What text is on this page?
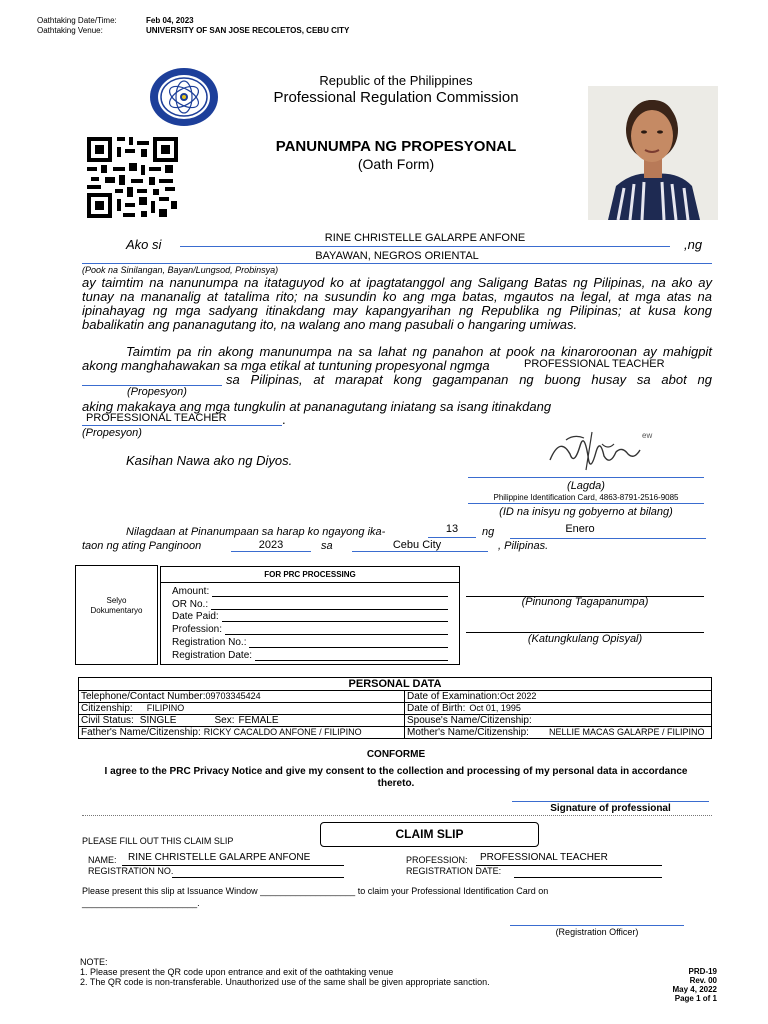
Oathtaking Date/Time:	Feb 04, 2023
Oathtaking Venue:	UNIVERSITY OF SAN JOSE RECOLETOS, CEBU CITY
Republic of the Philippines
Professional Regulation Commission
PANUNUMPA NG PROPESYONAL
(Oath Form)
Ako si	RINE CHRISTELLE GALARPE ANFONE	,ng
BAYAWAN, NEGROS ORIENTAL
(Pook na Sinilangan, Bayan/Lungsod, Probinsya)
ay taimtim na nanunumpa na itataguyod ko at ipagtatanggol ang Saligang Batas ng Pilipinas, na ako ay tunay na mananalig at tatalima rito; na susundin ko ang mga batas, mgautos na legal, at mga atas na ipinahayag ng mga sadyang itinakdang may kapangyarihan ng Republika ng Pilipinas; at kusa kong babalikatin ang pananagutang ito, na walang ano mang pasubali o hangaring umiwas.
Taimtim pa rin akong manunumpa na sa lahat ng panahon at pook na kinaroroonan ay mahigpit
akong manghahawakan sa mga etikal at tuntuning propesyonal ngmga	PROFESSIONAL TEACHER
sa Pilipinas, at marapat kong gagampanan ng buong husay sa abot ng
(Propesyon)
aking makakaya ang mga tungkulin at pananagutang iniatang sa isang itinakdang
PROFESSIONAL TEACHER	.
(Propesyon)
Kasihan Nawa ako ng Diyos.
ew
(Lagda)
Philippine Identification Card, 4863-8791-2516-9085
(ID na inisyu ng gobyerno at bilang)
Nilagdaan at Pinanumpaan sa harap ko ngayong ika-	13	ng	Enero
taon ng ating Panginoon	2023	sa	Cebu City	, Pilipinas.
Selyo Dokumentaryo
FOR PRC PROCESSING
Amount:
OR No.:
Date Paid:
Profession:
Registration No.:
Registration Date:
(Pinunong Tagapanumpa)
(Katungkulang Opisyal)
PERSONAL DATA	
Telephone/Contact Number:09703345424	Date of Examination:Oct 2022
Citizenship: FILIPINO	Date of Birth: Oct 01, 1995
Civil Status: SINGLE Sex: FEMALE	Spouse's Name/Citizenship:
Father's Name/Citizenship: RICKY CACALDO ANFONE / FILIPINO	Mother's Name/Citizenship: NELLIE MACAS GALARPE / FILIPINO
CONFORME
I agree to the PRC Privacy Notice and give my consent to the collection and processing of my personal data in accordance thereto.
Signature of professional
PLEASE FILL OUT THIS CLAIM SLIP	CLAIM SLIP
NAME: RINE CHRISTELLE GALARPE ANFONE
REGISTRATION NO.
PROFESSION: PROFESSIONAL TEACHER
REGISTRATION DATE:
Please present this slip at Issuance Window ___________________ to claim your Professional Identification Card on
_______________________.
(Registration Officer)
NOTE:
1. Please present the QR code upon entrance and exit of the oathtaking venue
2. The QR code is non-transferable. Unauthorized use of the same shall be given appropriate sanction.
PRD-19
Rev. 00
May 4, 2022
Page 1 of 1
